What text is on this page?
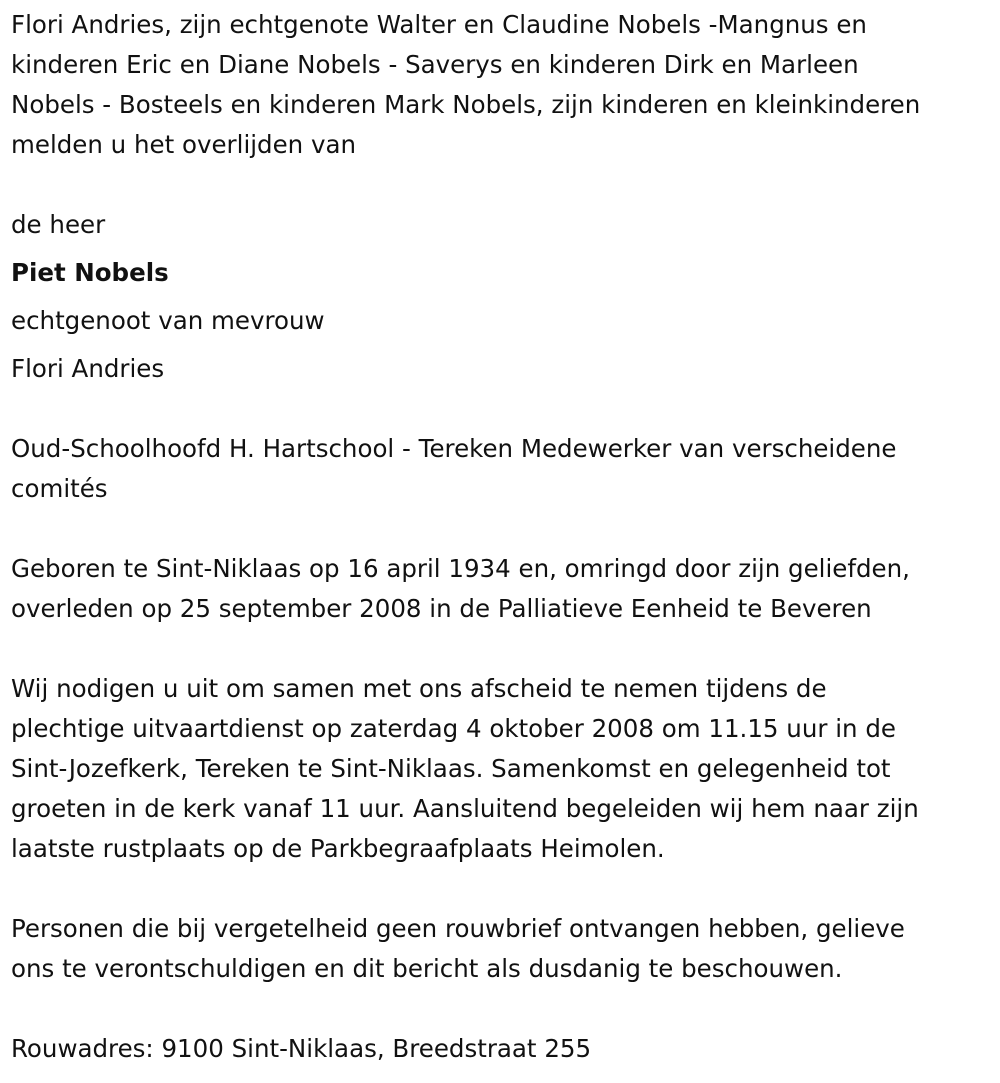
Flori Andries, zijn echtgenote Walter en Claudine Nobels -Mangnus en
kinderen Eric en Diane Nobels - Saverys en kinderen Dirk en Marleen
Nobels - Bosteels en kinderen Mark Nobels, zijn kinderen en kleinkinderen
melden u het overlijden van
de heer
Piet Nobels
echtgenoot van mevrouw
Flori Andries
Oud-Schoolhoofd H. Hartschool - Tereken Medewerker van verscheidene
comités
Geboren te Sint-Niklaas op 16 april 1934 en, omringd door zijn geliefden,
overleden op 25 september 2008 in de Palliatieve Eenheid te Beveren
Wij nodigen u uit om samen met ons afscheid te nemen tijdens de
plechtige uitvaartdienst op zaterdag 4 oktober 2008 om 11.15 uur in de
Sint-Jozefkerk, Tereken te Sint-Niklaas. Samenkomst en gelegenheid tot
groeten in de kerk vanaf 11 uur. Aansluitend begeleiden wij hem naar zijn
laatste rustplaats op de Parkbegraafplaats Heimolen.
Personen die bij vergetelheid geen rouwbrief ontvangen hebben, gelieve
ons te verontschuldigen en dit bericht als dusdanig te beschouwen.
Rouwadres: 9100 Sint-Niklaas, Breedstraat 255
